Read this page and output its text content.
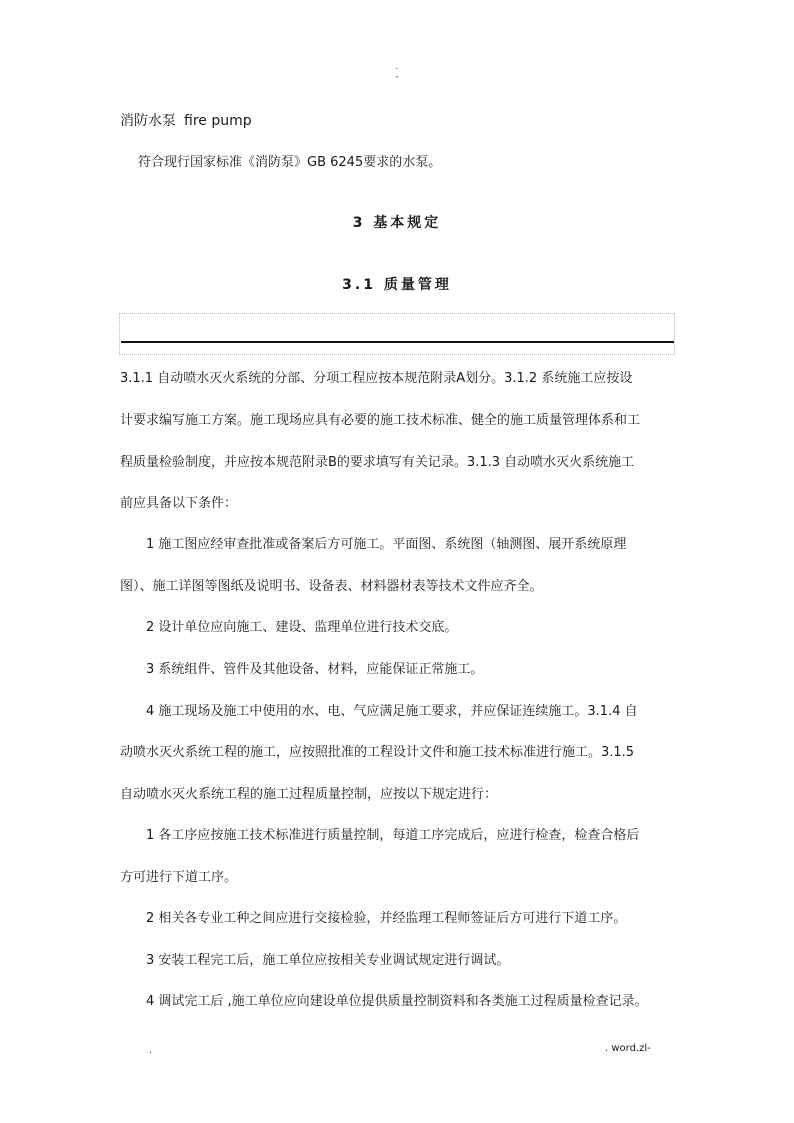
.
-
消防水泵 fire pump
符合现行国家标准《消防泵》GB 6245要求的水泵。
3 基本规定
3.1 质量管理
3.1.1 自动喷水灭火系统的分部、分项工程应按本规范附录A划分。3.1.2 系统施工应按设
计要求编写施工方案。施工现场应具有必要的施工技术标准、健全的施工质量管理体系和工
程质量检验制度，并应按本规范附录B的要求填写有关记录。3.1.3 自动喷水灭火系统施工
前应具备以下条件：
1 施工图应经审查批准或备案后方可施工。平面图、系统图（轴测图、展开系统原理
图）、施工详图等图纸及说明书、设备表、材料器材表等技术文件应齐全。
2 设计单位应向施工、建设、监理单位进行技术交底。
3 系统组件、管件及其他设备、材料，应能保证正常施工。
4 施工现场及施工中使用的水、电、气应满足施工要求，并应保证连续施工。3.1.4 自
动喷水灭火系统工程的施工，应按照批准的工程设计文件和施工技术标准进行施工。3.1.5
自动喷水灭火系统工程的施工过程质量控制，应按以下规定进行：
1 各工序应按施工技术标准进行质量控制，每道工序完成后，应进行检查，检查合格后
方可进行下道工序。
2 相关各专业工种之间应进行交接检验，并经监理工程师签证后方可进行下道工序。
3 安装工程完工后，施工单位应按相关专业调试规定进行调试。
4 调试完工后 ,施工单位应向建设单位提供质量控制资料和各类施工过程质量检查记录。
.	. word.zl-
